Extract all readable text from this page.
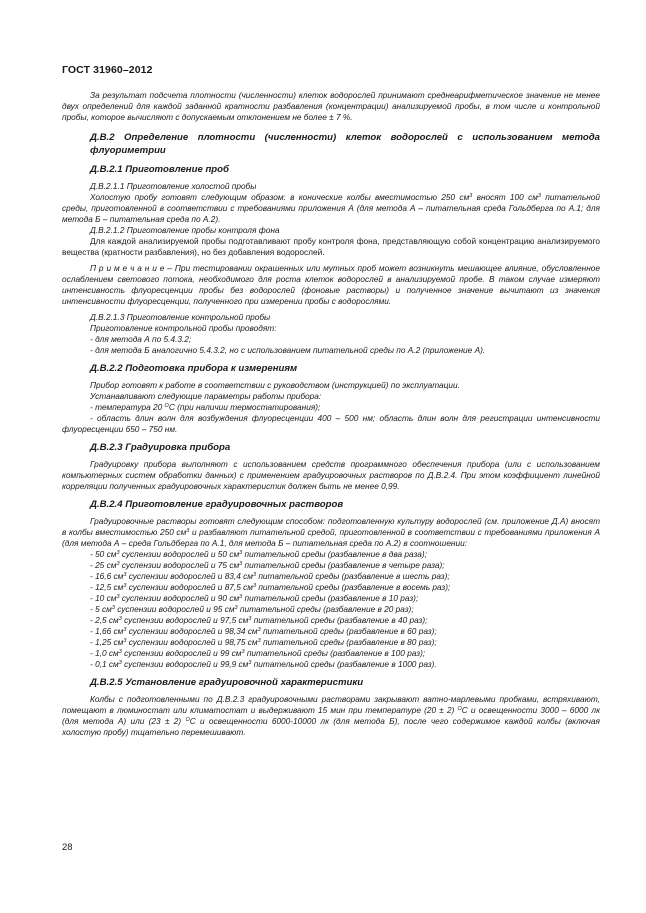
ГОСТ 31960–2012

За результат подсчета плотности (численности) клеток водорослей принимают среднеарифметическое значение не менее двух определений для каждой заданной кратности разбавления (концентрации) анализируемой пробы, в том числе и контрольной пробы, которое вычисляют с допускаемым отклонением не более ± 7 %.

Д.В.2 Определение плотности (численности) клеток водорослей с использованием метода флуориметрии

Д.В.2.1 Приготовление проб

Д.В.2.1.1 Приготовление холостой пробы

Холостую пробу готовят следующим образом: в конические колбы вместимостью 250 $см^3$ вносят 100 $см^3$ питательной среды, приготовленной в соответствии с требованиями приложения А (для метода А – питательная среда Гольдберга по А.1; для метода Б – питательная среда по А.2).

Д.В.2.1.2 Приготовление пробы контроля фона

Для каждой анализируемой пробы подготавливают пробу контроля фона, представляющую собой концентрацию анализируемого вещества (кратности разбавления), но без добавления водорослей.

П р и м е ч а н и е – При тестировании окрашенных или мутных проб может возникнуть мешающее влияние, обусловленное ослаблением светового потока, необходимого для роста клеток водорослей в анализируемой пробе. В таком случае измеряют интенсивность флуоресценции пробы без водорослей (фоновые растворы) и полученное значение вычитают из значения интенсивности флуоресценции, полученного при измерении пробы с водорослями.

Д.В.2.1.3 Приготовление контрольной пробы

Приготовление контрольной пробы проводят:

- для метода А по 5.4.3.2;

- для метода Б аналогично 5.4.3.2, но с использованием питательной среды по А.2 (приложение А).

Д.В.2.2 Подготовка прибора к измерениям

Прибор готовят к работе в соответствии с руководством (инструкцией) по эксплуатации.

Устанавливают следующие параметры работы прибора:

- температура 20 $^О$С (при наличии термостатирования);

- область длин волн для возбуждения флуоресценции 400 – 500 нм; область длин волн для регистрации интенсивности флуоресценции 650 – 750 нм.

Д.В.2.3 Градуировка прибора

Градуировку прибора выполняют с использованием средств программного обеспечения прибора (или с использованием компьютерных систем обработки данных) с применением градуировочных растворов по Д.В.2.4. При этом коэффициент линейной корреляции полученных градуировочных характеристик должен быть не менее 0,99.

Д.В.2.4 Приготовление градуировочных растворов

Градуировочные растворы готовят следующим способом: подготовленную культуру водорослей (см. приложение Д.А) вносят в колбы вместимостью 250 $см^3$ и разбавляют питательной средой, приготовленной в соответствии с требованиями приложения А (для метода А – среда Гольдберга по А.1, для метода Б – питательная среда по А.2) в соотношении:

- 50 $см^3$ суспензии водорослей и 50 $см^3$ питательной среды (разбавление в два раза);

- 25 $см^3$ суспензии водорослей и 75 $см^3$ питательной среды (разбавление в четыре раза);

- 16,6 $см^3$ суспензии водорослей и 83,4 $см^3$ питательной среды (разбавление в шесть раз);

- 12,5 $см^3$ суспензии водорослей и 87,5 $см^3$ питательной среды (разбавление в восемь раз);

- 10 $см^3$ суспензии водорослей и 90 $см^3$ питательной среды (разбавление в 10 раз);

- 5 $см^3$ суспензии водорослей и 95 $см^3$ питательной среды (разбавление в 20 раз);

- 2,5 $см^3$ суспензии водорослей и 97,5 $см^3$ питательной среды (разбавление в 40 раз);

- 1,66 $см^3$ суспензии водорослей и 98,34 $см^3$ питательной среды (разбавление в 60 раз);

- 1,25 $см^3$ суспензии водорослей и 98,75 $см^3$ питательной среды (разбавление в 80 раз);

- 1,0 $см^3$ суспензии водорослей и 99 $см^3$ питательной среды (разбавление в 100 раз);

- 0,1 $см^3$ суспензии водорослей и 99,9 $см^3$ питательной среды (разбавление в 1000 раз).

Д.В.2.5 Установление градуировочной характеристики

Колбы с подготовленными по Д.В.2.3 градуировочными растворами закрывают ватно-марлевыми пробками, встряхивают, помещают в люминостат или климатостат и выдерживают 15 мин при температуре (20 ± 2) $^О$С и освещенности 3000 – 6000 лк (для метода А) или (23 ± 2) $^О$С и освещенности 6000-10000 лк (для метода Б), после чего содержимое каждой колбы (включая холостую пробу) тщательно перемешивают.

28
